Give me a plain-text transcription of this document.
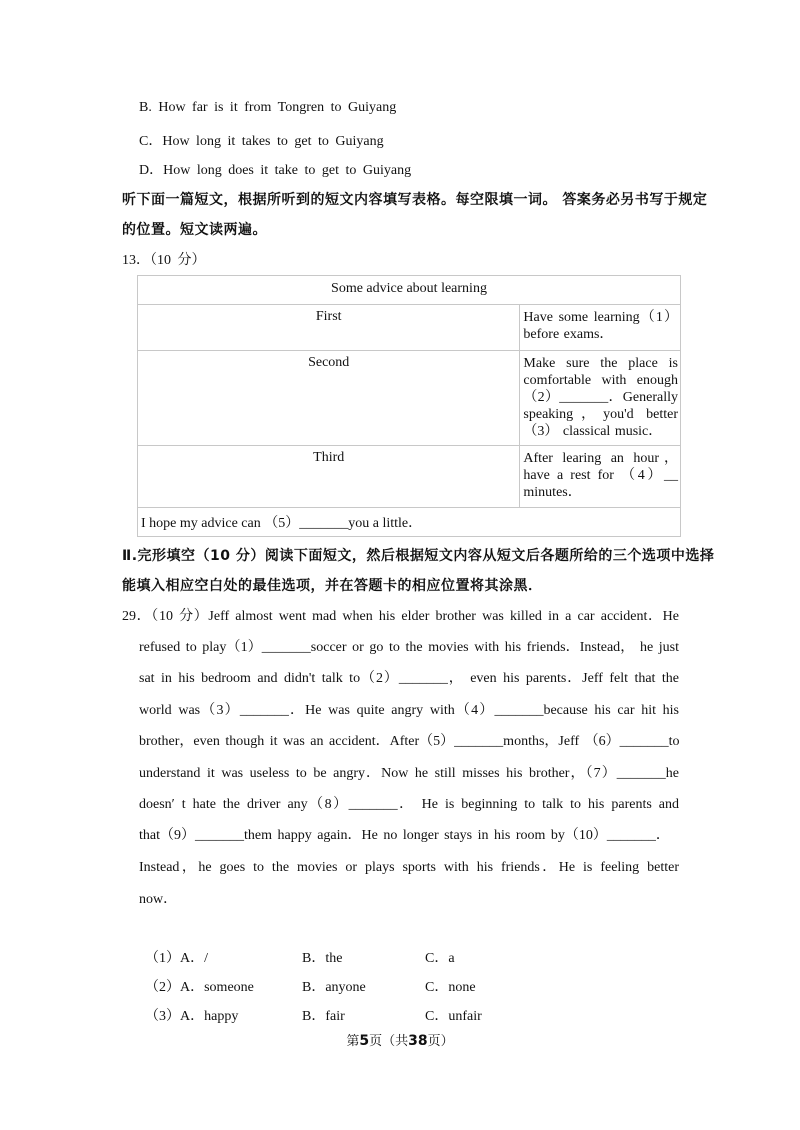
B. How far is it from Tongren to Guiyang
C．How long it takes to get to Guiyang
D．How long does it take to get to Guiyang
听下面一篇短文，根据所听到的短文内容填写表格。每空限填一词。 答案务必另书写于规定
的位置。短文读两遍。
13．（10 分）
Some advice about learning	
First	Have some learning（1） before exams．
Second	Make sure the place is comfortable with enough （2）_______．Generally speaking，you'd better（3） classical music．
Third	After learing an hour， have a rest for （4）__ minutes．
I hope my advice can （5）_______you a little．	
Ⅱ.完形填空（10 分）阅读下面短文，然后根据短文内容从短文后各题所给的三个选项中选择
能填入相应空白处的最佳选项，并在答题卡的相应位置将其涂黑．
29．（10 分）Jeff almost went mad when his elder brother was killed in a car accident．He
refused to play（1）_______soccer or go to the movies with his friends．Instead， he just
sat in his bedroom and didn't talk to（2）_______， even his parents．Jeff felt that the
world was（3）_______．He was quite angry with（4）_______because his car hit his
brother，even though it was an accident．After（5）_______months，Jeff （6）_______to
understand it was useless to be angry．Now he still misses his brother，（7）_______he
doesn′ t hate the driver any（8）_______． He is beginning to talk to his parents and
that（9）_______them happy again．He no longer stays in his room by（10）_______．
Instead，he goes to the movies or plays sports with his friends．He is feeling better
now．
（1）A．/	B．the	C．a
（2）A．someone	B．anyone	C．none
（3）A．happy	B．fair	C．unfair
第5页（共38页）
